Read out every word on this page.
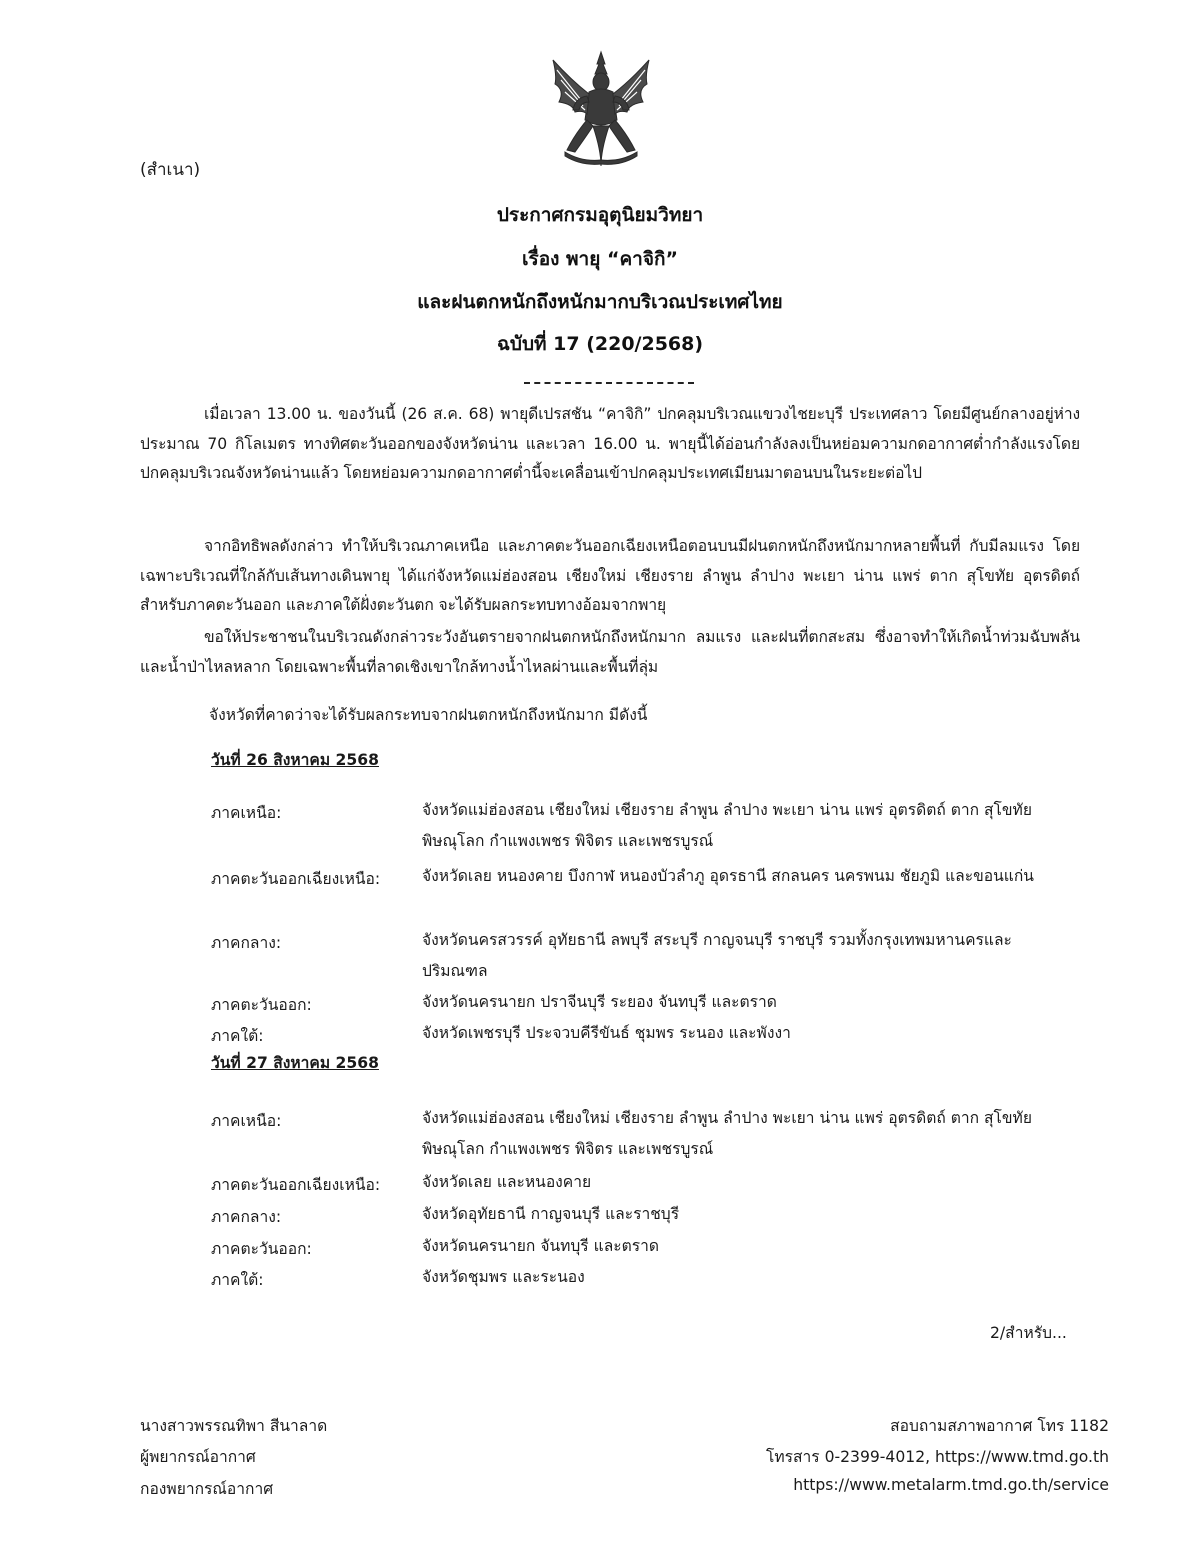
(สำเนา)
ประกาศกรมอุตุนิยมวิทยา
เรื่อง พายุ “คาจิกิ”
และฝนตกหนักถึงหนักมากบริเวณประเทศไทย
ฉบับที่ 17 (220/2568)

เมื่อเวลา 13.00 น. ของวันนี้ (26 ส.ค. 68) พายุดีเปรสชัน “คาจิกิ” ปกคลุมบริเวณแขวงไชยะบุรี ประเทศลาว โดยมีศูนย์กลางอยู่ห่างประมาณ 70 กิโลเมตร ทางทิศตะวันออกของจังหวัดน่าน และเวลา 16.00 น. พายุนี้ได้อ่อนกำลังลงเป็นหย่อมความกดอากาศต่ำกำลังแรงโดยปกคลุมบริเวณจังหวัดน่านแล้ว โดยหย่อมความกดอากาศต่ำนี้จะเคลื่อนเข้าปกคลุมประเทศเมียนมาตอนบนในระยะต่อไป

จากอิทธิพลดังกล่าว ทำให้บริเวณภาคเหนือ และภาคตะวันออกเฉียงเหนือตอนบนมีฝนตกหนักถึงหนักมากหลายพื้นที่ กับมีลมแรง โดยเฉพาะบริเวณที่ใกล้กับเส้นทางเดินพายุ ได้แก่จังหวัดแม่ฮ่องสอน เชียงใหม่ เชียงราย ลำพูน ลำปาง พะเยา น่าน แพร่ ตาก สุโขทัย อุตรดิตถ์ สำหรับภาคตะวันออก และภาคใต้ฝั่งตะวันตก จะได้รับผลกระทบทางอ้อมจากพายุ

ขอให้ประชาชนในบริเวณดังกล่าวระวังอันตรายจากฝนตกหนักถึงหนักมาก ลมแรง และฝนที่ตกสะสม ซึ่งอาจทำให้เกิดน้ำท่วมฉับพลัน และน้ำป่าไหลหลาก โดยเฉพาะพื้นที่ลาดเชิงเขาใกล้ทางน้ำไหลผ่านและพื้นที่ลุ่ม

จังหวัดที่คาดว่าจะได้รับผลกระทบจากฝนตกหนักถึงหนักมาก มีดังนี้
วันที่ 26 สิงหาคม 2568
ภาคเหนือ:	จังหวัดแม่ฮ่องสอน เชียงใหม่ เชียงราย ลำพูน ลำปาง พะเยา น่าน แพร่ อุตรดิตถ์ ตาก สุโขทัย พิษณุโลก กำแพงเพชร พิจิตร และเพชรบูรณ์
ภาคตะวันออกเฉียงเหนือ:	จังหวัดเลย หนองคาย บึงกาฬ หนองบัวลำภู อุดรธานี สกลนคร นครพนม ชัยภูมิ และขอนแก่น
ภาคกลาง:	จังหวัดนครสวรรค์ อุทัยธานี ลพบุรี สระบุรี กาญจนบุรี ราชบุรี รวมทั้งกรุงเทพมหานครและปริมณฑล
ภาคตะวันออก:	จังหวัดนครนายก ปราจีนบุรี ระยอง จันทบุรี และตราด
ภาคใต้:	จังหวัดเพชรบุรี ประจวบคีรีขันธ์ ชุมพร ระนอง และพังงา
วันที่ 27 สิงหาคม 2568
ภาคเหนือ:	จังหวัดแม่ฮ่องสอน เชียงใหม่ เชียงราย ลำพูน ลำปาง พะเยา น่าน แพร่ อุตรดิตถ์ ตาก สุโขทัย พิษณุโลก กำแพงเพชร พิจิตร และเพชรบูรณ์
ภาคตะวันออกเฉียงเหนือ:	จังหวัดเลย และหนองคาย
ภาคกลาง:	จังหวัดอุทัยธานี กาญจนบุรี และราชบุรี
ภาคตะวันออก:	จังหวัดนครนายก จันทบุรี และตราด
ภาคใต้:	จังหวัดชุมพร และระนอง
2/สำหรับ...
นางสาวพรรณทิพา สีนาลาด
ผู้พยากรณ์อากาศ
กองพยากรณ์อากาศ
สอบถามสภาพอากาศ โทร 1182
โทรสาร 0-2399-4012, https://www.tmd.go.th
https://www.metalarm.tmd.go.th/service
